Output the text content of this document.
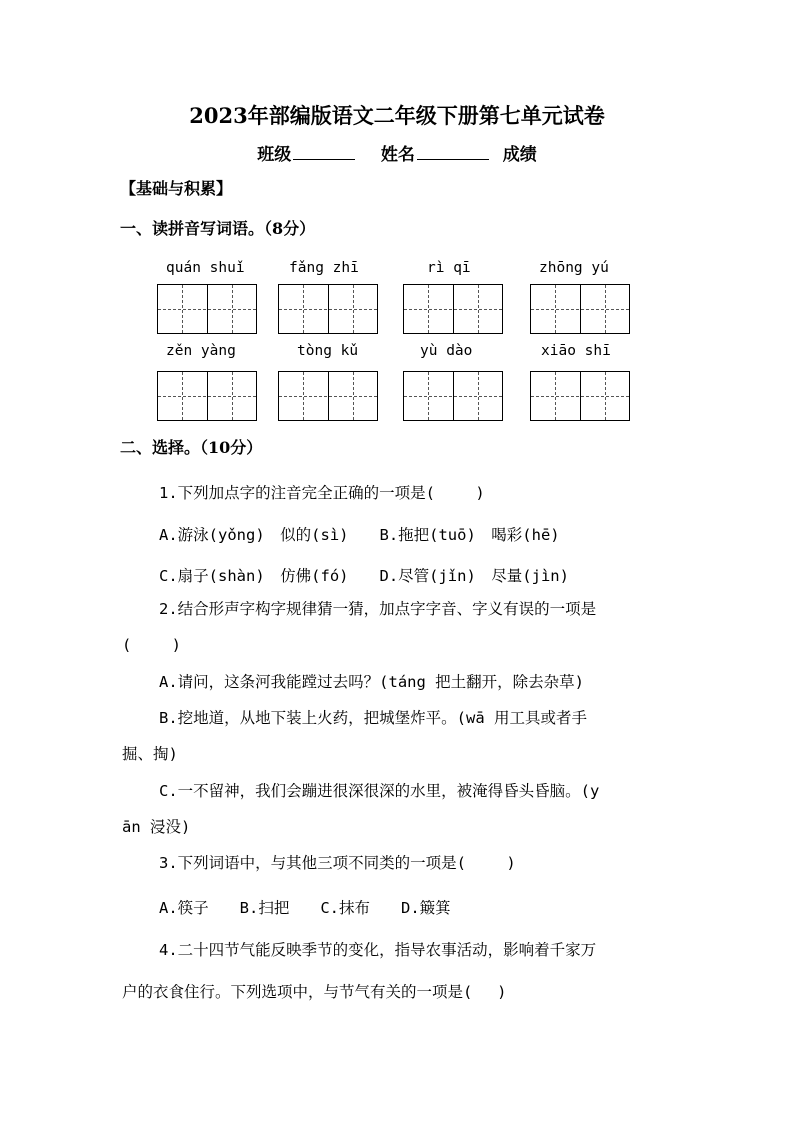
2023年部编版语文二年级下册第七单元试卷
班级	姓名	成绩
【基础与积累】
一、读拼音写词语。（8分）
quán shuǐ	fǎng zhī	rì qī	zhōng yú
zěn yàng	tòng kǔ	yù dào	xiāo shī
二、选择。（10分）
1.下列加点字的注音完全正确的一项是(　 　)
A.游泳(yǒng)　似的(sì)　　B.拖把(tuō)　喝彩(hē)
C.扇子(shàn)　仿佛(fó)　　D.尽管(jǐn)　尽量(jìn)
2.结合形声字构字规律猜一猜，加点字字音、字义有误的一项是
(　　 )
A.请问，这条河我能蹚过去吗？(táng 把土翻开，除去杂草)
B.挖地道，从地下装上火药，把城堡炸平。(wā 用工具或者手
掘、掏)
C.一不留神，我们会蹦进很深很深的水里，被淹得昏头昏脑。(y
ān 浸没)
3.下列词语中，与其他三项不同类的一项是(　 　)
A.筷子　　B.扫把　　C.抹布　　D.簸箕
4.二十四节气能反映季节的变化，指导农事活动，影响着千家万
户的衣食住行。下列选项中，与节气有关的一项是(　 )
